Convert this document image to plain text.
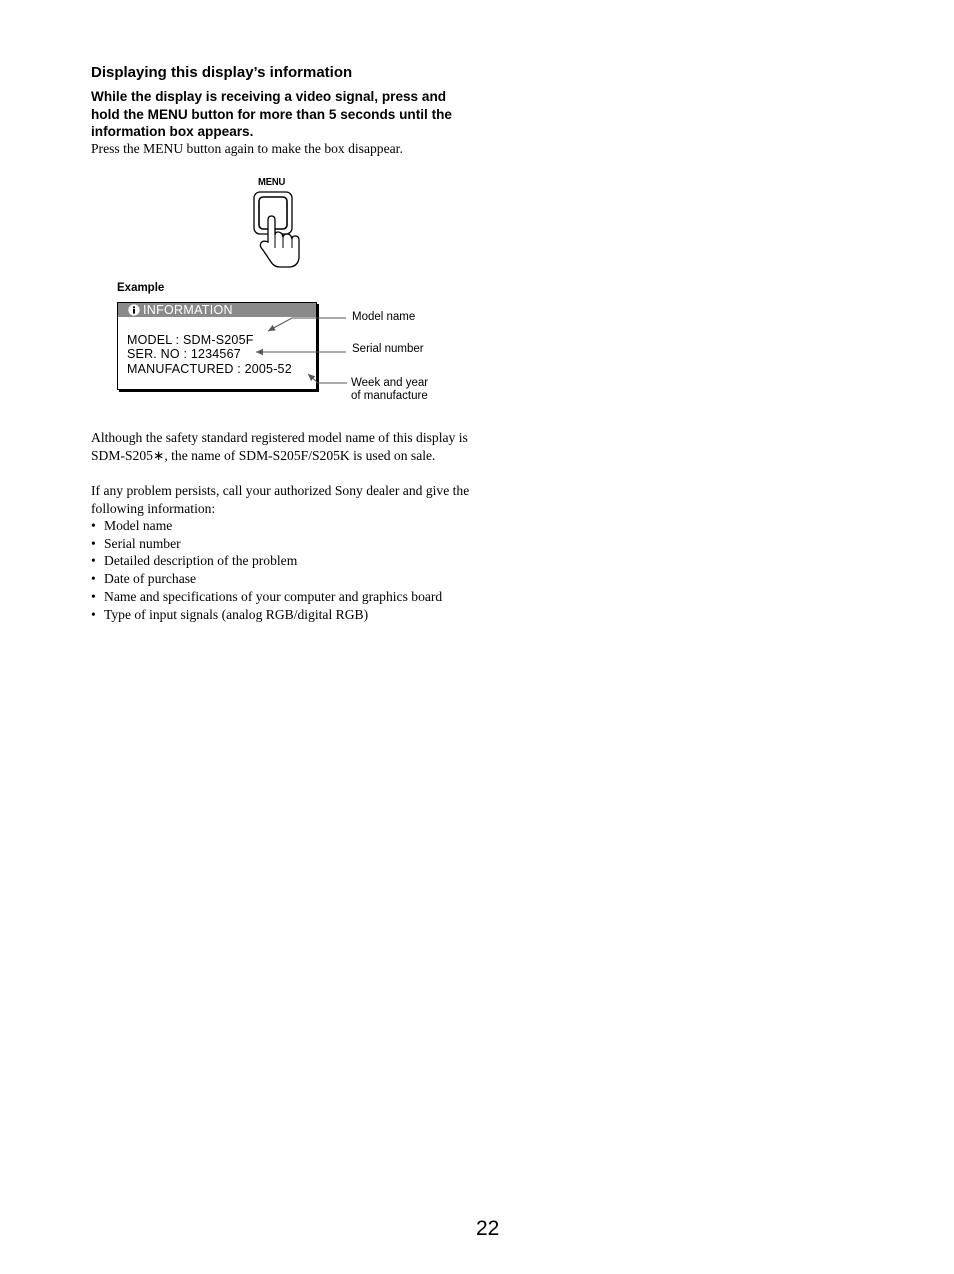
Displaying this display’s information
While the display is receiving a video signal, press and hold the MENU button for more than 5 seconds until the information box appears.
Press the MENU button again to make the box disappear.
MENU
Example
INFORMATION
MODEL : SDM-S205F
SER. NO : 1234567
MANUFACTURED : 2005-52
Model name
Serial number
Week and year
of manufacture
Although the safety standard registered model name of this display is SDM-S205∗, the name of SDM-S205F/S205K is used on sale.
If any problem persists, call your authorized Sony dealer and give the following information:
• Model name
• Serial number
• Detailed description of the problem
• Date of purchase
• Name and specifications of your computer and graphics board
• Type of input signals (analog RGB/digital RGB)
22
